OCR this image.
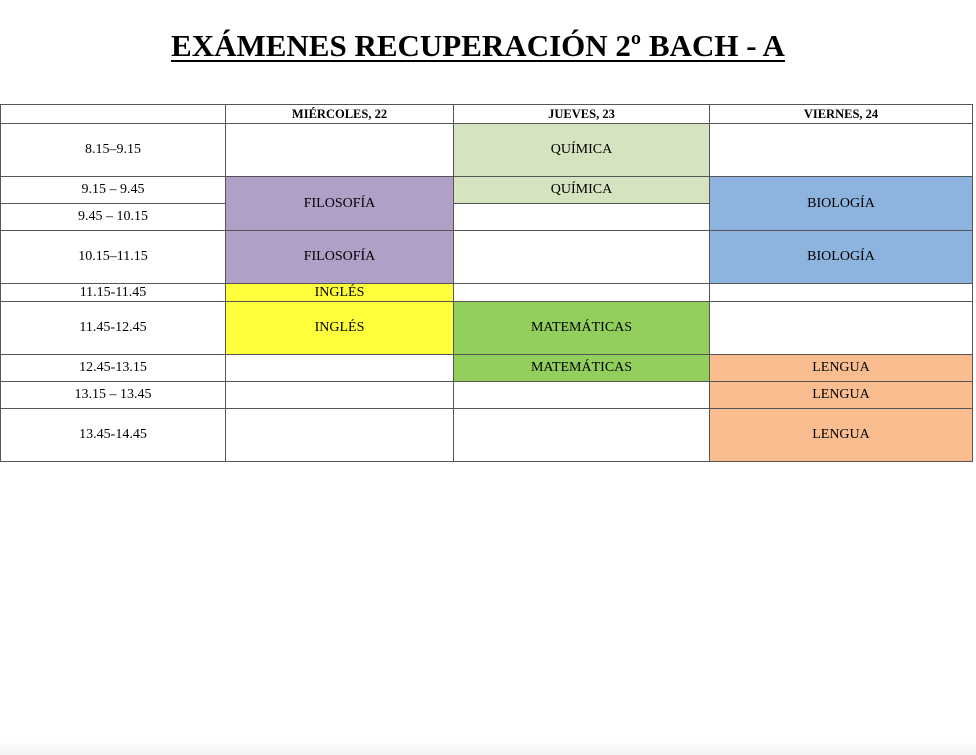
EXÁMENES RECUPERACIÓN 2º BACH - A
	MIÉRCOLES, 22	JUEVES, 23	VIERNES, 24
8.15–9.15		QUÍMICA	
9.15 – 9.45	FILOSOFÍA	QUÍMICA	BIOLOGÍA
9.45 – 10.15			
10.15–11.15	FILOSOFÍA		BIOLOGÍA
11.15-11.45	INGLÉS		
11.45-12.45	INGLÉS	MATEMÁTICAS	
12.45-13.15		MATEMÁTICAS	LENGUA
13.15 – 13.45			LENGUA
13.45-14.45			LENGUA
